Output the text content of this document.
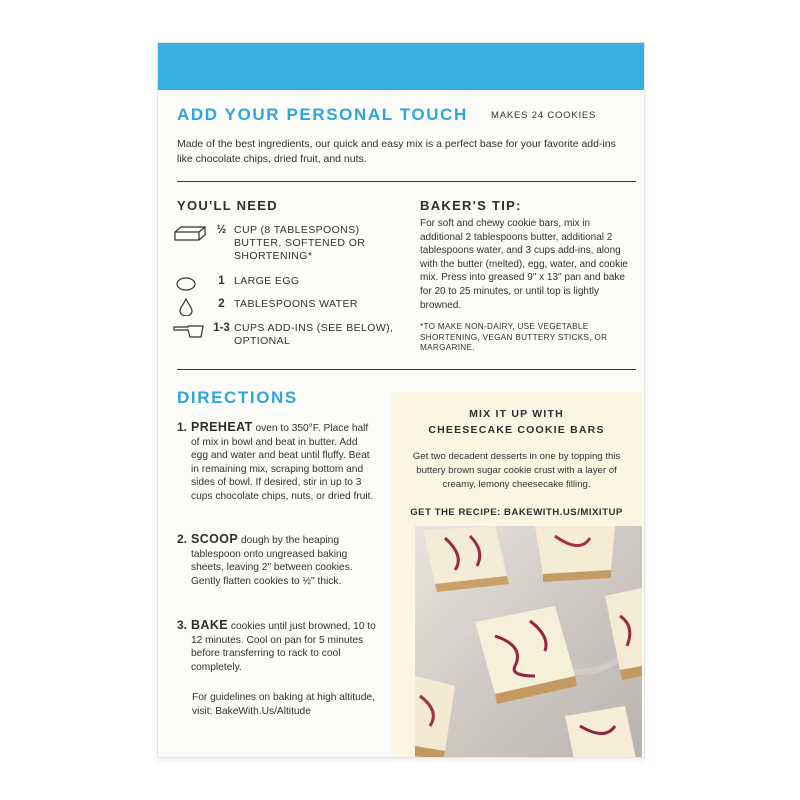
ADD YOUR PERSONAL TOUCH MAKES 24 COOKIES
Made of the best ingredients, our quick and easy mix is a perfect base for your favorite add-ins like chocolate chips, dried fruit, and nuts.
YOU'LL NEED
½ CUP (8 TABLESPOONS) BUTTER, SOFTENED OR SHORTENING*
1 LARGE EGG
2 TABLESPOONS WATER
1-3 CUPS ADD-INS (SEE BELOW), OPTIONAL
BAKER'S TIP:
For soft and chewy cookie bars, mix in additional 2 tablespoons butter, additional 2 tablespoons water, and 3 cups add-ins, along with the butter (melted), egg, water, and cookie mix. Press into greased 9" x 13" pan and bake for 20 to 25 minutes, or until top is lightly browned.
*TO MAKE NON-DAIRY, USE VEGETABLE SHORTENING, VEGAN BUTTERY STICKS, OR MARGARINE.
DIRECTIONS
1. PREHEAT oven to 350°F. Place half of mix in bowl and beat in butter. Add egg and water and beat until fluffy. Beat in remaining mix, scraping bottom and sides of bowl. If desired, stir in up to 3 cups chocolate chips, nuts, or dried fruit.
2. SCOOP dough by the heaping tablespoon onto ungreased baking sheets, leaving 2" between cookies. Gently flatten cookies to ½" thick.
3. BAKE cookies until just browned, 10 to 12 minutes. Cool on pan for 5 minutes before transferring to rack to cool completely.
For guidelines on baking at high altitude, visit: BakeWith.Us/Altitude
MIX IT UP WITH
CHEESECAKE COOKIE BARS
Get two decadent desserts in one by topping this buttery brown sugar cookie crust with a layer of creamy, lemony cheesecake filling.
GET THE RECIPE: BAKEWITH.US/MIXITUP
